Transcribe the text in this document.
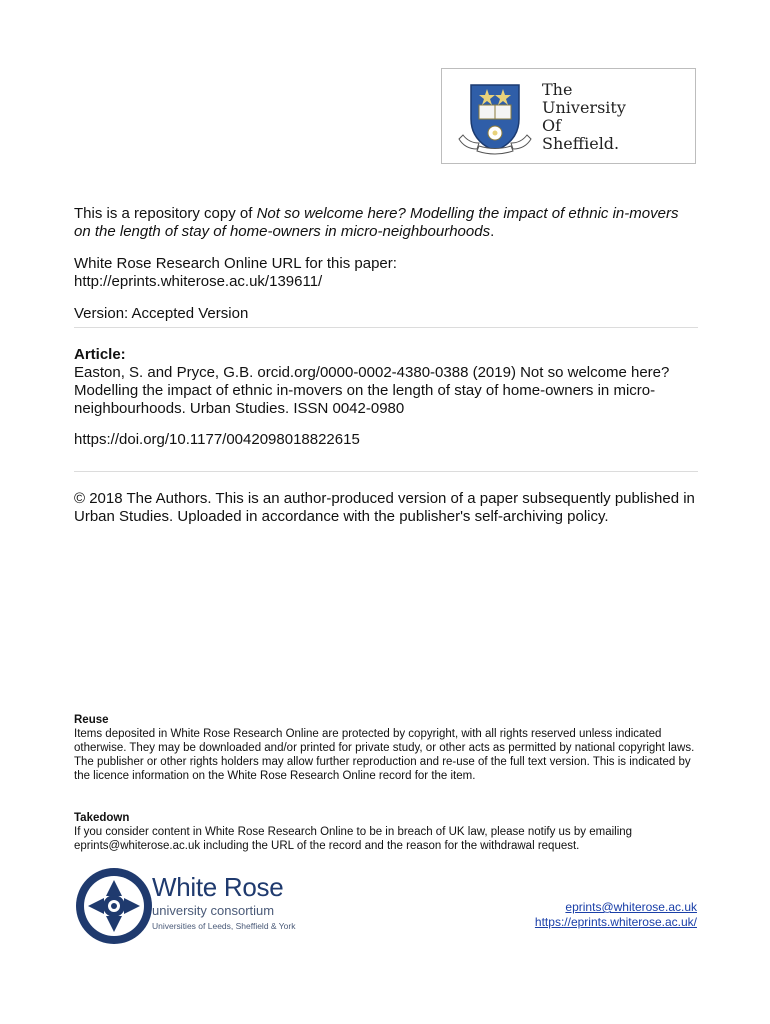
The
University
Of
Sheffield.
This is a repository copy of Not so welcome here? Modelling the impact of ethnic in-movers on the length of stay of home-owners in micro-neighbourhoods.
White Rose Research Online URL for this paper:
http://eprints.whiterose.ac.uk/139611/
Version: Accepted Version
Article:
Easton, S. and Pryce, G.B. orcid.org/0000-0002-4380-0388 (2019) Not so welcome here? Modelling the impact of ethnic in-movers on the length of stay of home-owners in micro-neighbourhoods. Urban Studies. ISSN 0042-0980
https://doi.org/10.1177/0042098018822615
© 2018 The Authors. This is an author-produced version of a paper subsequently published in Urban Studies. Uploaded in accordance with the publisher's self-archiving policy.
Reuse
Items deposited in White Rose Research Online are protected by copyright, with all rights reserved unless indicated otherwise. They may be downloaded and/or printed for private study, or other acts as permitted by national copyright laws. The publisher or other rights holders may allow further reproduction and re-use of the full text version. This is indicated by the licence information on the White Rose Research Online record for the item.
Takedown
If you consider content in White Rose Research Online to be in breach of UK law, please notify us by emailing eprints@whiterose.ac.uk including the URL of the record and the reason for the withdrawal request.
White Rose
university consortium
Universities of Leeds, Sheffield & York
eprints@whiterose.ac.uk
https://eprints.whiterose.ac.uk/
